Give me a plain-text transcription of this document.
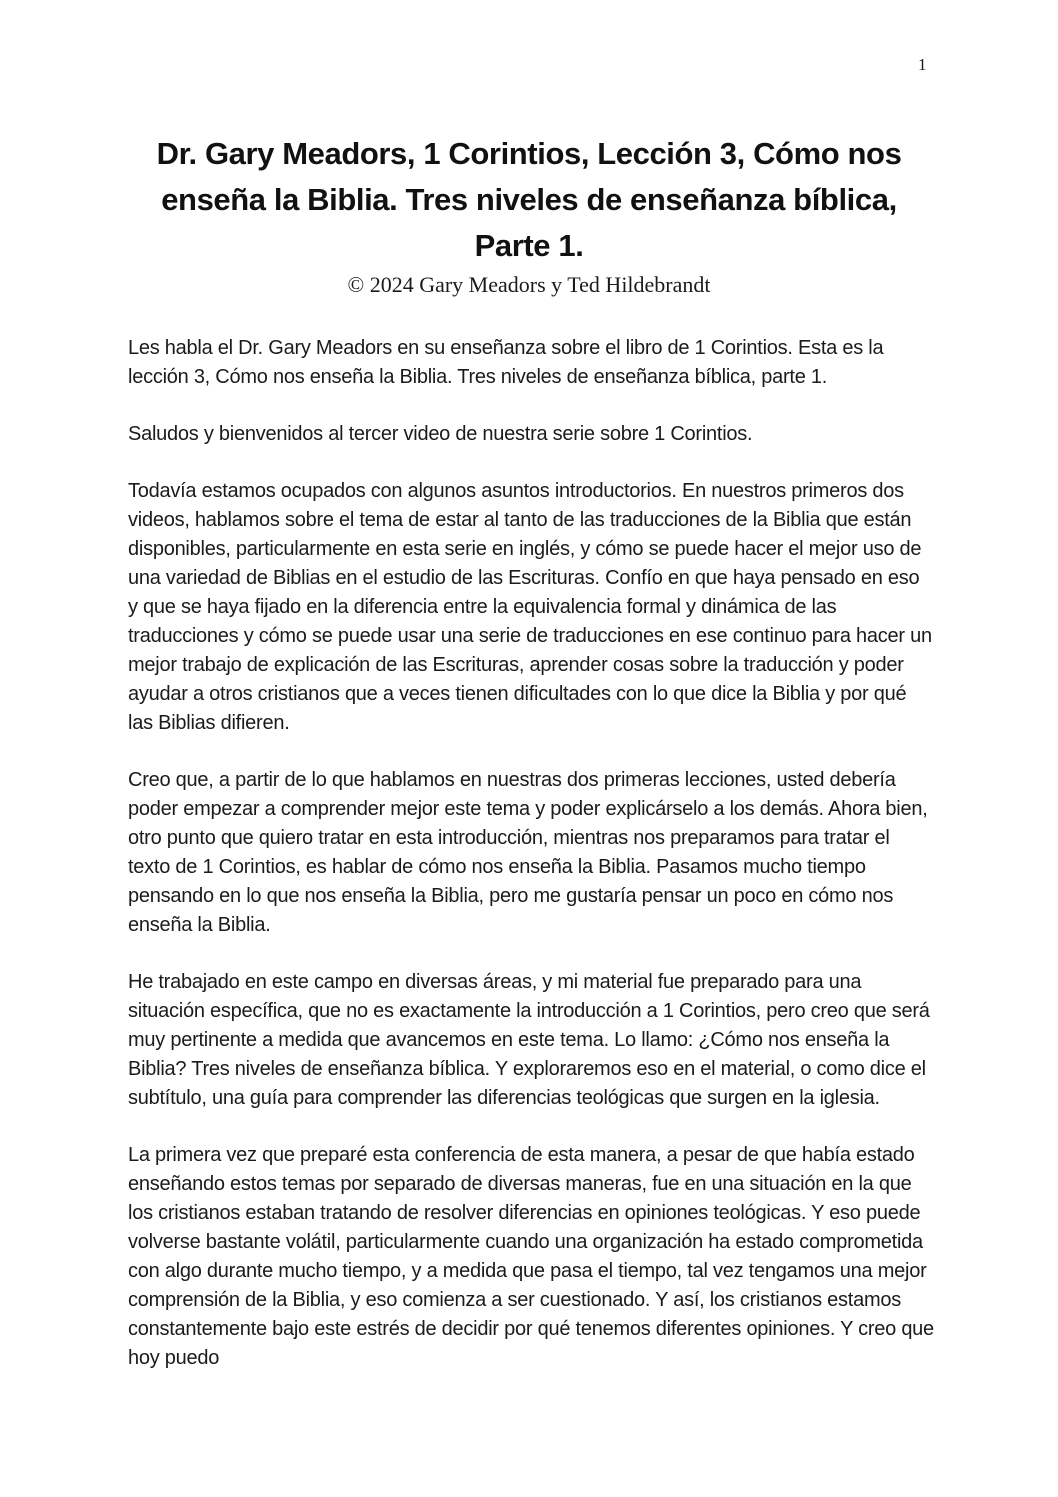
1
Dr. Gary Meadors, 1 Corintios, Lección 3, Cómo nos
enseña la Biblia. Tres niveles de enseñanza bíblica,
Parte 1.
© 2024 Gary Meadors y Ted Hildebrandt

Les habla el Dr. Gary Meadors en su enseñanza sobre el libro de 1 Corintios. Esta es la lección 3, Cómo nos enseña la Biblia. Tres niveles de enseñanza bíblica, parte 1.

Saludos y bienvenidos al tercer video de nuestra serie sobre 1 Corintios.

Todavía estamos ocupados con algunos asuntos introductorios. En nuestros primeros dos videos, hablamos sobre el tema de estar al tanto de las traducciones de la Biblia que están disponibles, particularmente en esta serie en inglés, y cómo se puede hacer el mejor uso de una variedad de Biblias en el estudio de las Escrituras. Confío en que haya pensado en eso y que se haya fijado en la diferencia entre la equivalencia formal y dinámica de las traducciones y cómo se puede usar una serie de traducciones en ese continuo para hacer un mejor trabajo de explicación de las Escrituras, aprender cosas sobre la traducción y poder ayudar a otros cristianos que a veces tienen dificultades con lo que dice la Biblia y por qué las Biblias difieren.

Creo que, a partir de lo que hablamos en nuestras dos primeras lecciones, usted debería poder empezar a comprender mejor este tema y poder explicárselo a los demás. Ahora bien, otro punto que quiero tratar en esta introducción, mientras nos preparamos para tratar el texto de 1 Corintios, es hablar de cómo nos enseña la Biblia. Pasamos mucho tiempo pensando en lo que nos enseña la Biblia, pero me gustaría pensar un poco en cómo nos enseña la Biblia.

He trabajado en este campo en diversas áreas, y mi material fue preparado para una situación específica, que no es exactamente la introducción a 1 Corintios, pero creo que será muy pertinente a medida que avancemos en este tema. Lo llamo: ¿Cómo nos enseña la Biblia? Tres niveles de enseñanza bíblica. Y exploraremos eso en el material, o como dice el subtítulo, una guía para comprender las diferencias teológicas que surgen en la iglesia.

La primera vez que preparé esta conferencia de esta manera, a pesar de que había estado enseñando estos temas por separado de diversas maneras, fue en una situación en la que los cristianos estaban tratando de resolver diferencias en opiniones teológicas. Y eso puede volverse bastante volátil, particularmente cuando una organización ha estado comprometida con algo durante mucho tiempo, y a medida que pasa el tiempo, tal vez tengamos una mejor comprensión de la Biblia, y eso comienza a ser cuestionado. Y así, los cristianos estamos constantemente bajo este estrés de decidir por qué tenemos diferentes opiniones. Y creo que hoy puedo
